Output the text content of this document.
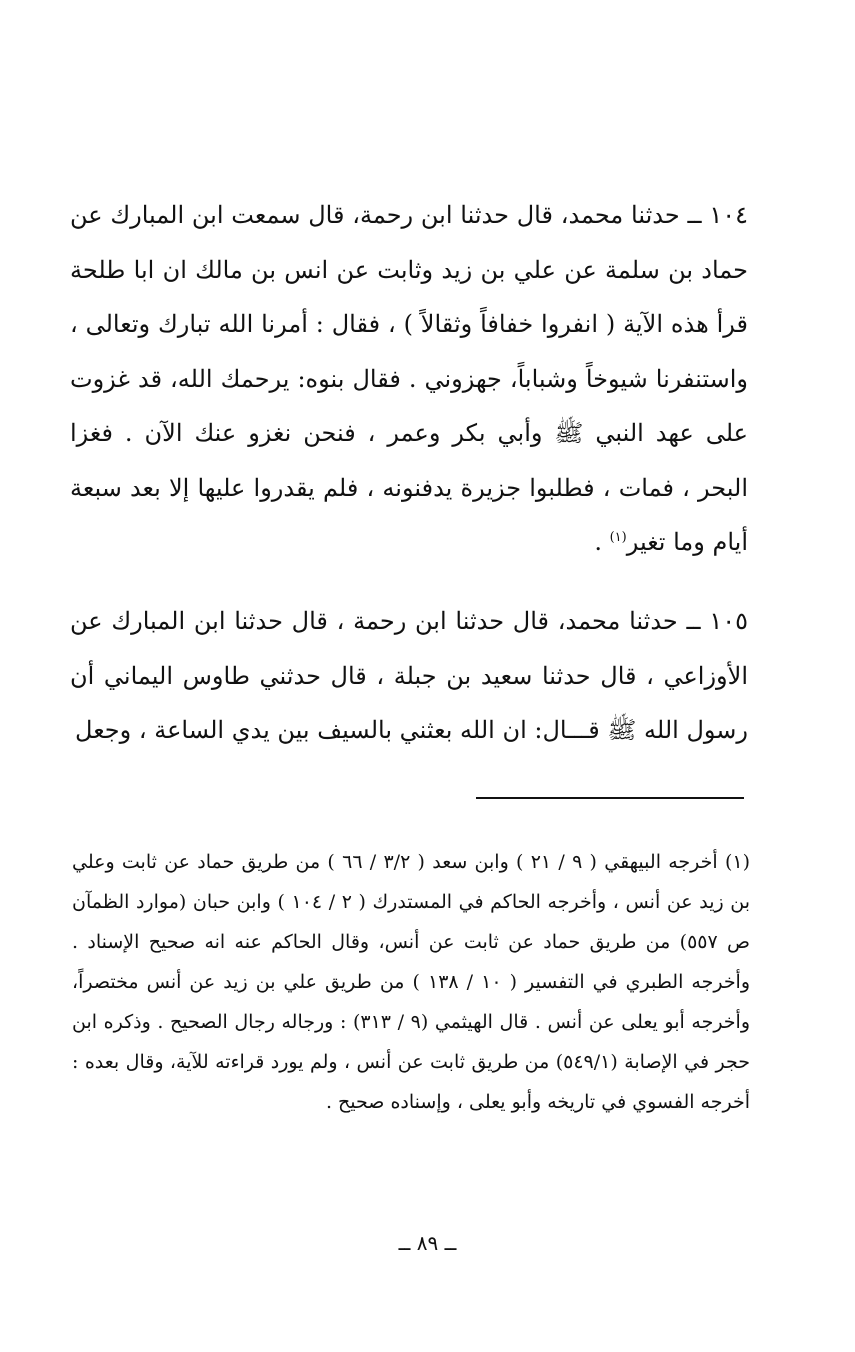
١٠٤ ــ حدثنا محمد، قال حدثنا ابن رحمة، قال سمعت ابن المبارك عن حماد بن سلمة عن علي بن زيد وثابت عن انس بن مالك ان ابا طلحة قرأ هذه الآية ( انفروا خفافاً وثقالاً ) ، فقال : أمرنا الله تبارك وتعالى ، واستنفرنا شيوخاً وشباباً، جهزوني . فقال بنوه: يرحمك الله، قد غزوت على عهد النبي ﷺ وأبي بكر وعمر ، فنحن نغزو عنك الآن . فغزا البحر ، فمات ، فطلبوا جزيرة يدفنونه ، فلم يقدروا عليها إلا بعد سبعة أيام وما تغير$^{(١)}$ .

١٠٥ ــ حدثنا محمد، قال حدثنا ابن رحمة ، قال حدثنا ابن المبارك عن الأوزاعي ، قال حدثنا سعيد بن جبلة ، قال حدثني طاوس اليماني أن رسول الله ﷺ قـــال: ان الله بعثني بالسيف بين يدي الساعة ، وجعل

(١) أخرجه البيهقي ( ٩ / ٢١ ) وابن سعد ( ٣/٢ / ٦٦ ) من طريق حماد عن ثابت وعلي بن زيد عن أنس ، وأخرجه الحاكم في المستدرك ( ٢ / ١٠٤ ) وابن حبان (موارد الظمآن ص ٥٥٧) من طريق حماد عن ثابت عن أنس، وقال الحاكم عنه انه صحيح الإسناد . وأخرجه الطبري في التفسير ( ١٠ / ١٣٨ ) من طريق علي بن زيد عن أنس مختصراً، وأخرجه أبو يعلى عن أنس . قال الهيثمي (٩ / ٣١٣) : ورجاله رجال الصحيح . وذكره ابن حجر في الإصابة (٥٤٩/١) من طريق ثابت عن أنس ، ولم يورد قراءته للآية، وقال بعده : أخرجه الفسوي في تاريخه وأبو يعلى ، وإسناده صحيح .

ــ ٨٩ ــ
